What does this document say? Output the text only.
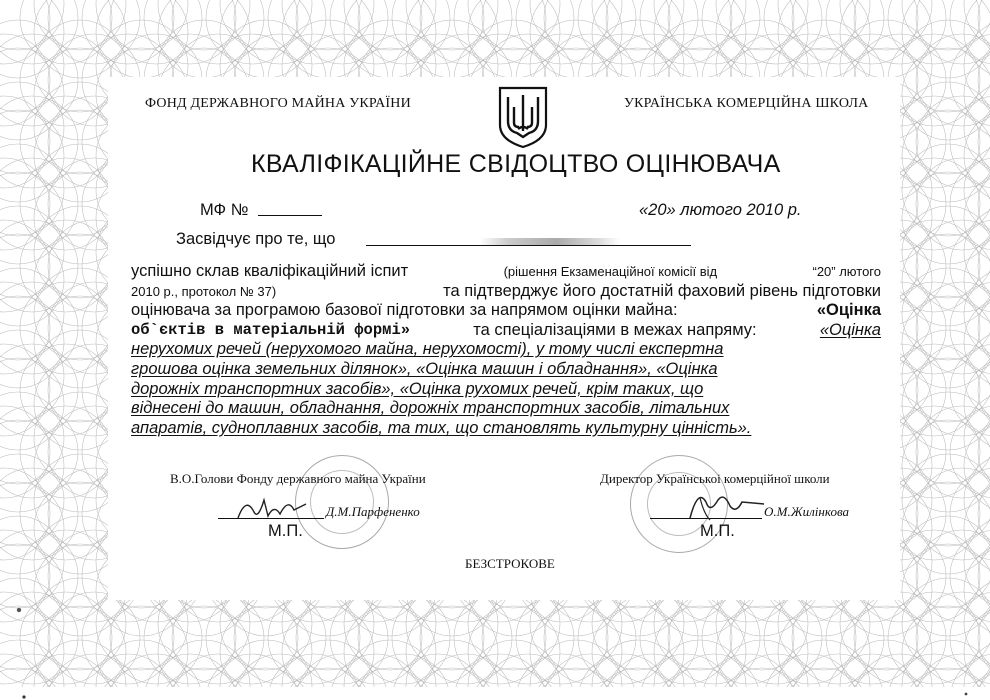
ФОНД ДЕРЖАВНОГО МАЙНА УКРАЇНИ	УКРАЇНСЬКА КОМЕРЦІЙНА ШКОЛА
КВАЛІФІКАЦІЙНЕ СВІДОЦТВО ОЦІНЮВАЧА
МФ №	«20» лютого 2010 р.
Засвідчує про те, що
успішно склав кваліфікаційний іспит	(рішення Екзаменаційної комісії від	“20” лютого
2010 р., протокол № 37)	та підтверджує його достатній фаховий рівень підготовки
оцінювача за програмою базової підготовки за напрямом оцінки майна:	«Оцінка
об`єктів в матеріальній формі»	та спеціалізаціями в межах напряму:	«Оцінка
нерухомих речей (нерухомого майна, нерухомості), у тому числі експертна
грошова оцінка земельних ділянок», «Оцінка машин і обладнання», «Оцінка
дорожніх транспортних засобів», «Оцінка рухомих речей, крім таких, що
віднесені до машин, обладнання, дорожніх транспортних засобів, літальних
апаратів, судноплавних засобів, та тих, що становлять культурну цінність».
В.О.Голови Фонду державного майна України
Д.М.Парфененко
М.П.
Директор Українськоі комерційної школи
О.М.Жилінкова
М.П.
БЕЗСТРОКОВЕ
